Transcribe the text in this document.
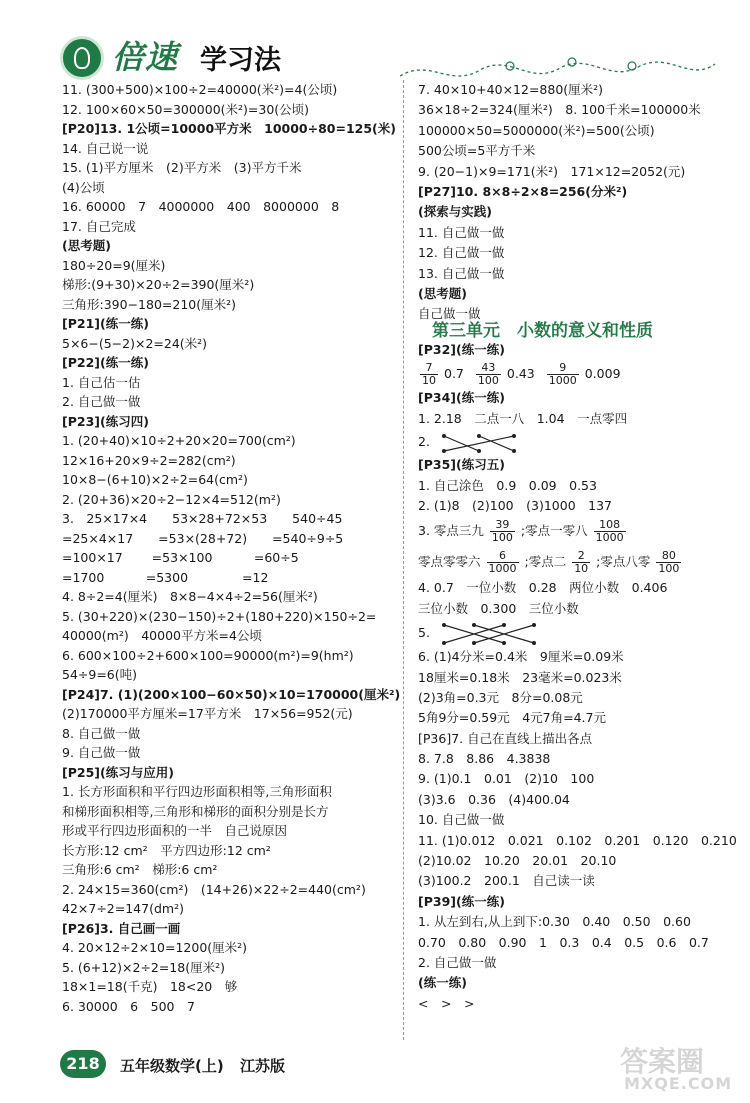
倍速 学习法
11. (300+500)×100÷2=40000(米²)=4(公顷)
12. 100×60×50=300000(米²)=30(公顷)
[P20]13. 1公顷=10000平方米　10000÷80=125(米)
14. 自己说一说
15. (1)平方厘米　(2)平方米　(3)平方千米
(4)公顷
16. 60000　7　4000000　400　8000000　8
17. 自己完成
(思考题)
180÷20=9(厘米)
梯形:(9+30)×20÷2=390(厘米²)
三角形:390−180=210(厘米²)
[P21](练一练)
5×6−(5−2)×2=24(米²)
[P22](练一练)
1. 自己估一估
2. 自己做一做
[P23](练习四)
1. (20+40)×10÷2+20×20=700(cm²)
12×16+20×9÷2=282(cm²)
10×8−(6+10)×2÷2=64(cm²)
2. (20+36)×20÷2−12×4=512(m²)
3.　25×17×4　　53×28+72×53　　540÷45
=25×4×17　　=53×(28+72)　　=540÷9÷5
=100×17　　 =53×100　　　 =60÷5
=1700　　　 =5300　　　　 =12
4. 8÷2=4(厘米)　8×8−4×4÷2=56(厘米²)
5. (30+220)×(230−150)÷2+(180+220)×150÷2=
40000(m²)　40000平方米=4公顷
6. 600×100÷2+600×100=90000(m²)=9(hm²)
54÷9=6(吨)
[P24]7. (1)(200×100−60×50)×10=170000(厘米²)
(2)170000平方厘米=17平方米　17×56=952(元)
8. 自己做一做
9. 自己做一做
[P25](练习与应用)
1. 长方形面积和平行四边形面积相等,三角形面积
和梯形面积相等,三角形和梯形的面积分别是长方
形或平行四边形面积的一半　自己说原因
长方形:12 cm²　平方四边形:12 cm²
三角形:6 cm²　梯形:6 cm²
2. 24×15=360(cm²)　(14+26)×22÷2=440(cm²)
42×7÷2=147(dm²)
[P26]3. 自己画一画
4. 20×12÷2×10=1200(厘米²)
5. (6+12)×2÷2=18(厘米²)
18×1=18(千克)　18<20　够
6. 30000　6　500　7
7. 40×10+40×12=880(厘米²)
36×18÷2=324(厘米²)　8. 100千米=100000米
100000×50=5000000(米²)=500(公顷)
500公顷=5平方千米
9. (20−1)×9=171(米²)　171×12=2052(元)
[P27]10. 8×8÷2×8=256(分米²)
(探索与实践)
11. 自己做一做
12. 自己做一做
13. 自己做一做
(思考题)
自己做一做
第三单元　小数的意义和性质
[P32](练一练)
$\frac{7}{10} 0.7 \frac{43}{100} 0.43 \frac{9}{1000} 0.009$
[P34](练一练)
1. 2.18　二点一八　1.04　一点零四
2.
[P35](练习五)
1. 自己涂色　0.9　0.09　0.53
2. (1)8　(2)100　(3)1000　137
3. 零点三九 $\frac{39}{100}$ ;零点一零八 $\frac{108}{1000}$
零点零零六 $\frac{6}{1000}$ ;零点二 $\frac{2}{10}$ ;零点八零 $\frac{80}{100}$
4. 0.7　一位小数　0.28　两位小数　0.406
三位小数　0.300　三位小数
5.
6. (1)4分米=0.4米　9厘米=0.09米
18厘米=0.18米　23毫米=0.023米
(2)3角=0.3元　8分=0.08元
5角9分=0.59元　4元7角=4.7元
[P36]7. 自己在直线上描出各点
8. 7.8　8.86　4.3838
9. (1)0.1　0.01　(2)10　100
(3)3.6　0.36　(4)400.04
10. 自己做一做
11. (1)0.012　0.021　0.102　0.201　0.120　0.210
(2)10.02　10.20　20.01　20.10
(3)100.2　200.1　自己读一读
[P39](练一练)
1. 从左到右,从上到下:0.30　0.40　0.50　0.60
0.70　0.80　0.90　1　0.3　0.4　0.5　0.6　0.7
2. 自己做一做
(练一练)
<　>　>
218	五年级数学(上) 江苏版	答案圈
MXQE.COM
